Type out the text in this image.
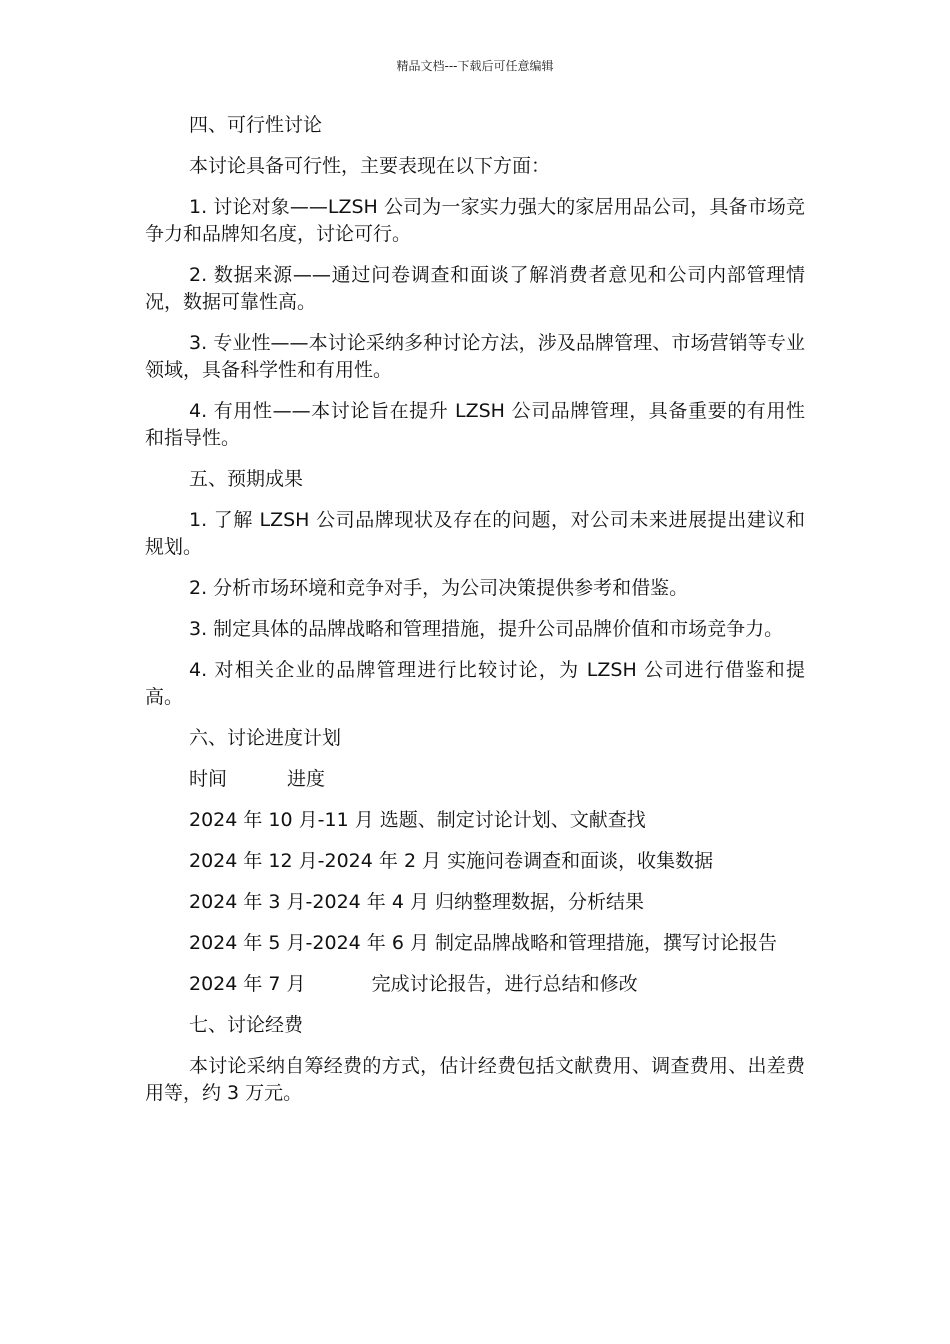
精品文档---下载后可任意编辑

四、可行性讨论

本讨论具备可行性，主要表现在以下方面：

1. 讨论对象——LZSH 公司为一家实力强大的家居用品公司，具备市场竞争力和品牌知名度，讨论可行。

2. 数据来源——通过问卷调查和面谈了解消费者意见和公司内部管理情况，数据可靠性高。

3. 专业性——本讨论采纳多种讨论方法，涉及品牌管理、市场营销等专业领域，具备科学性和有用性。

4. 有用性——本讨论旨在提升 LZSH 公司品牌管理，具备重要的有用性和指导性。

五、预期成果

1. 了解 LZSH 公司品牌现状及存在的问题，对公司未来进展提出建议和规划。

2. 分析市场环境和竞争对手，为公司决策提供参考和借鉴。

3. 制定具体的品牌战略和管理措施，提升公司品牌价值和市场竞争力。

4. 对相关企业的品牌管理进行比较讨论，为 LZSH 公司进行借鉴和提高。

六、讨论进度计划

时间	进度

2024 年 10 月-11 月 选题、制定讨论计划、文献查找

2024 年 12 月-2024 年 2 月 实施问卷调查和面谈，收集数据

2024 年 3 月-2024 年 4 月 归纳整理数据，分析结果

2024 年 5 月-2024 年 6 月 制定品牌战略和管理措施，撰写讨论报告

2024 年 7 月	完成讨论报告，进行总结和修改

七、讨论经费

本讨论采纳自筹经费的方式，估计经费包括文献费用、调查费用、出差费用等，约 3 万元。
